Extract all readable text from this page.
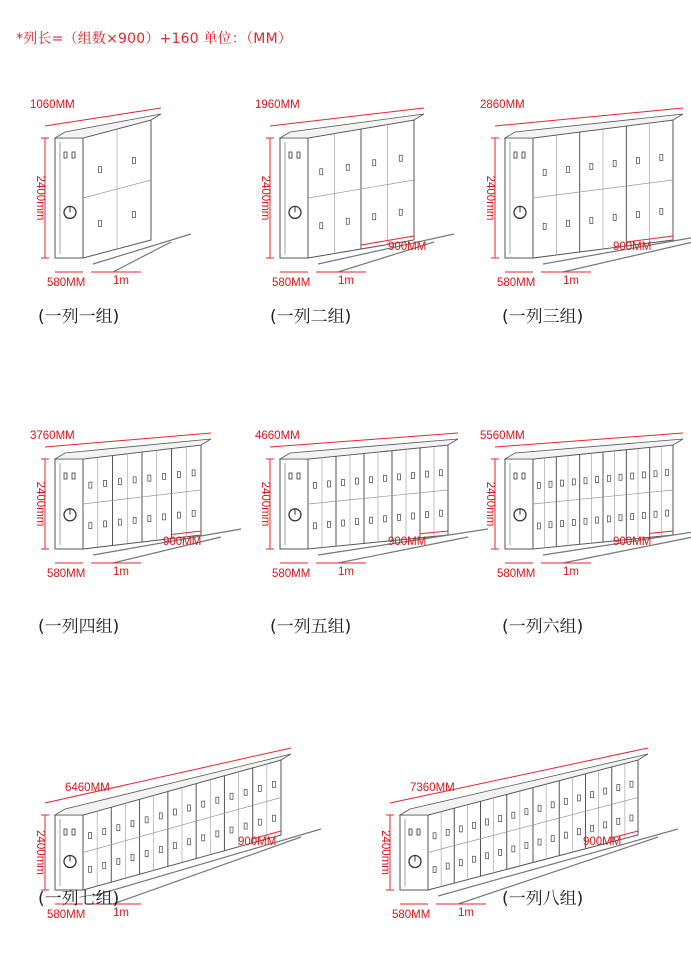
*列长=（组数×900）+160 单位：（MM）
2400mm
1060MM
580MM 1m
2400mm
1960MM
580MM 1m
900MM
2400mm
2860MM
580MM 1m
900MM
2400mm
3760MM
580MM 1m
900MM
2400mm
4660MM
580MM 1m
900MM
2400mm
5560MM
580MM 1m
900MM
2400mm
6460MM
580MM 1m
900MM	2400mm
7360MM
580MM 1m
900MM
(一列一组)	(一列二组)	(一列三组)
(一列四组)	(一列五组)	(一列六组)
(一列七组)	(一列八组)
